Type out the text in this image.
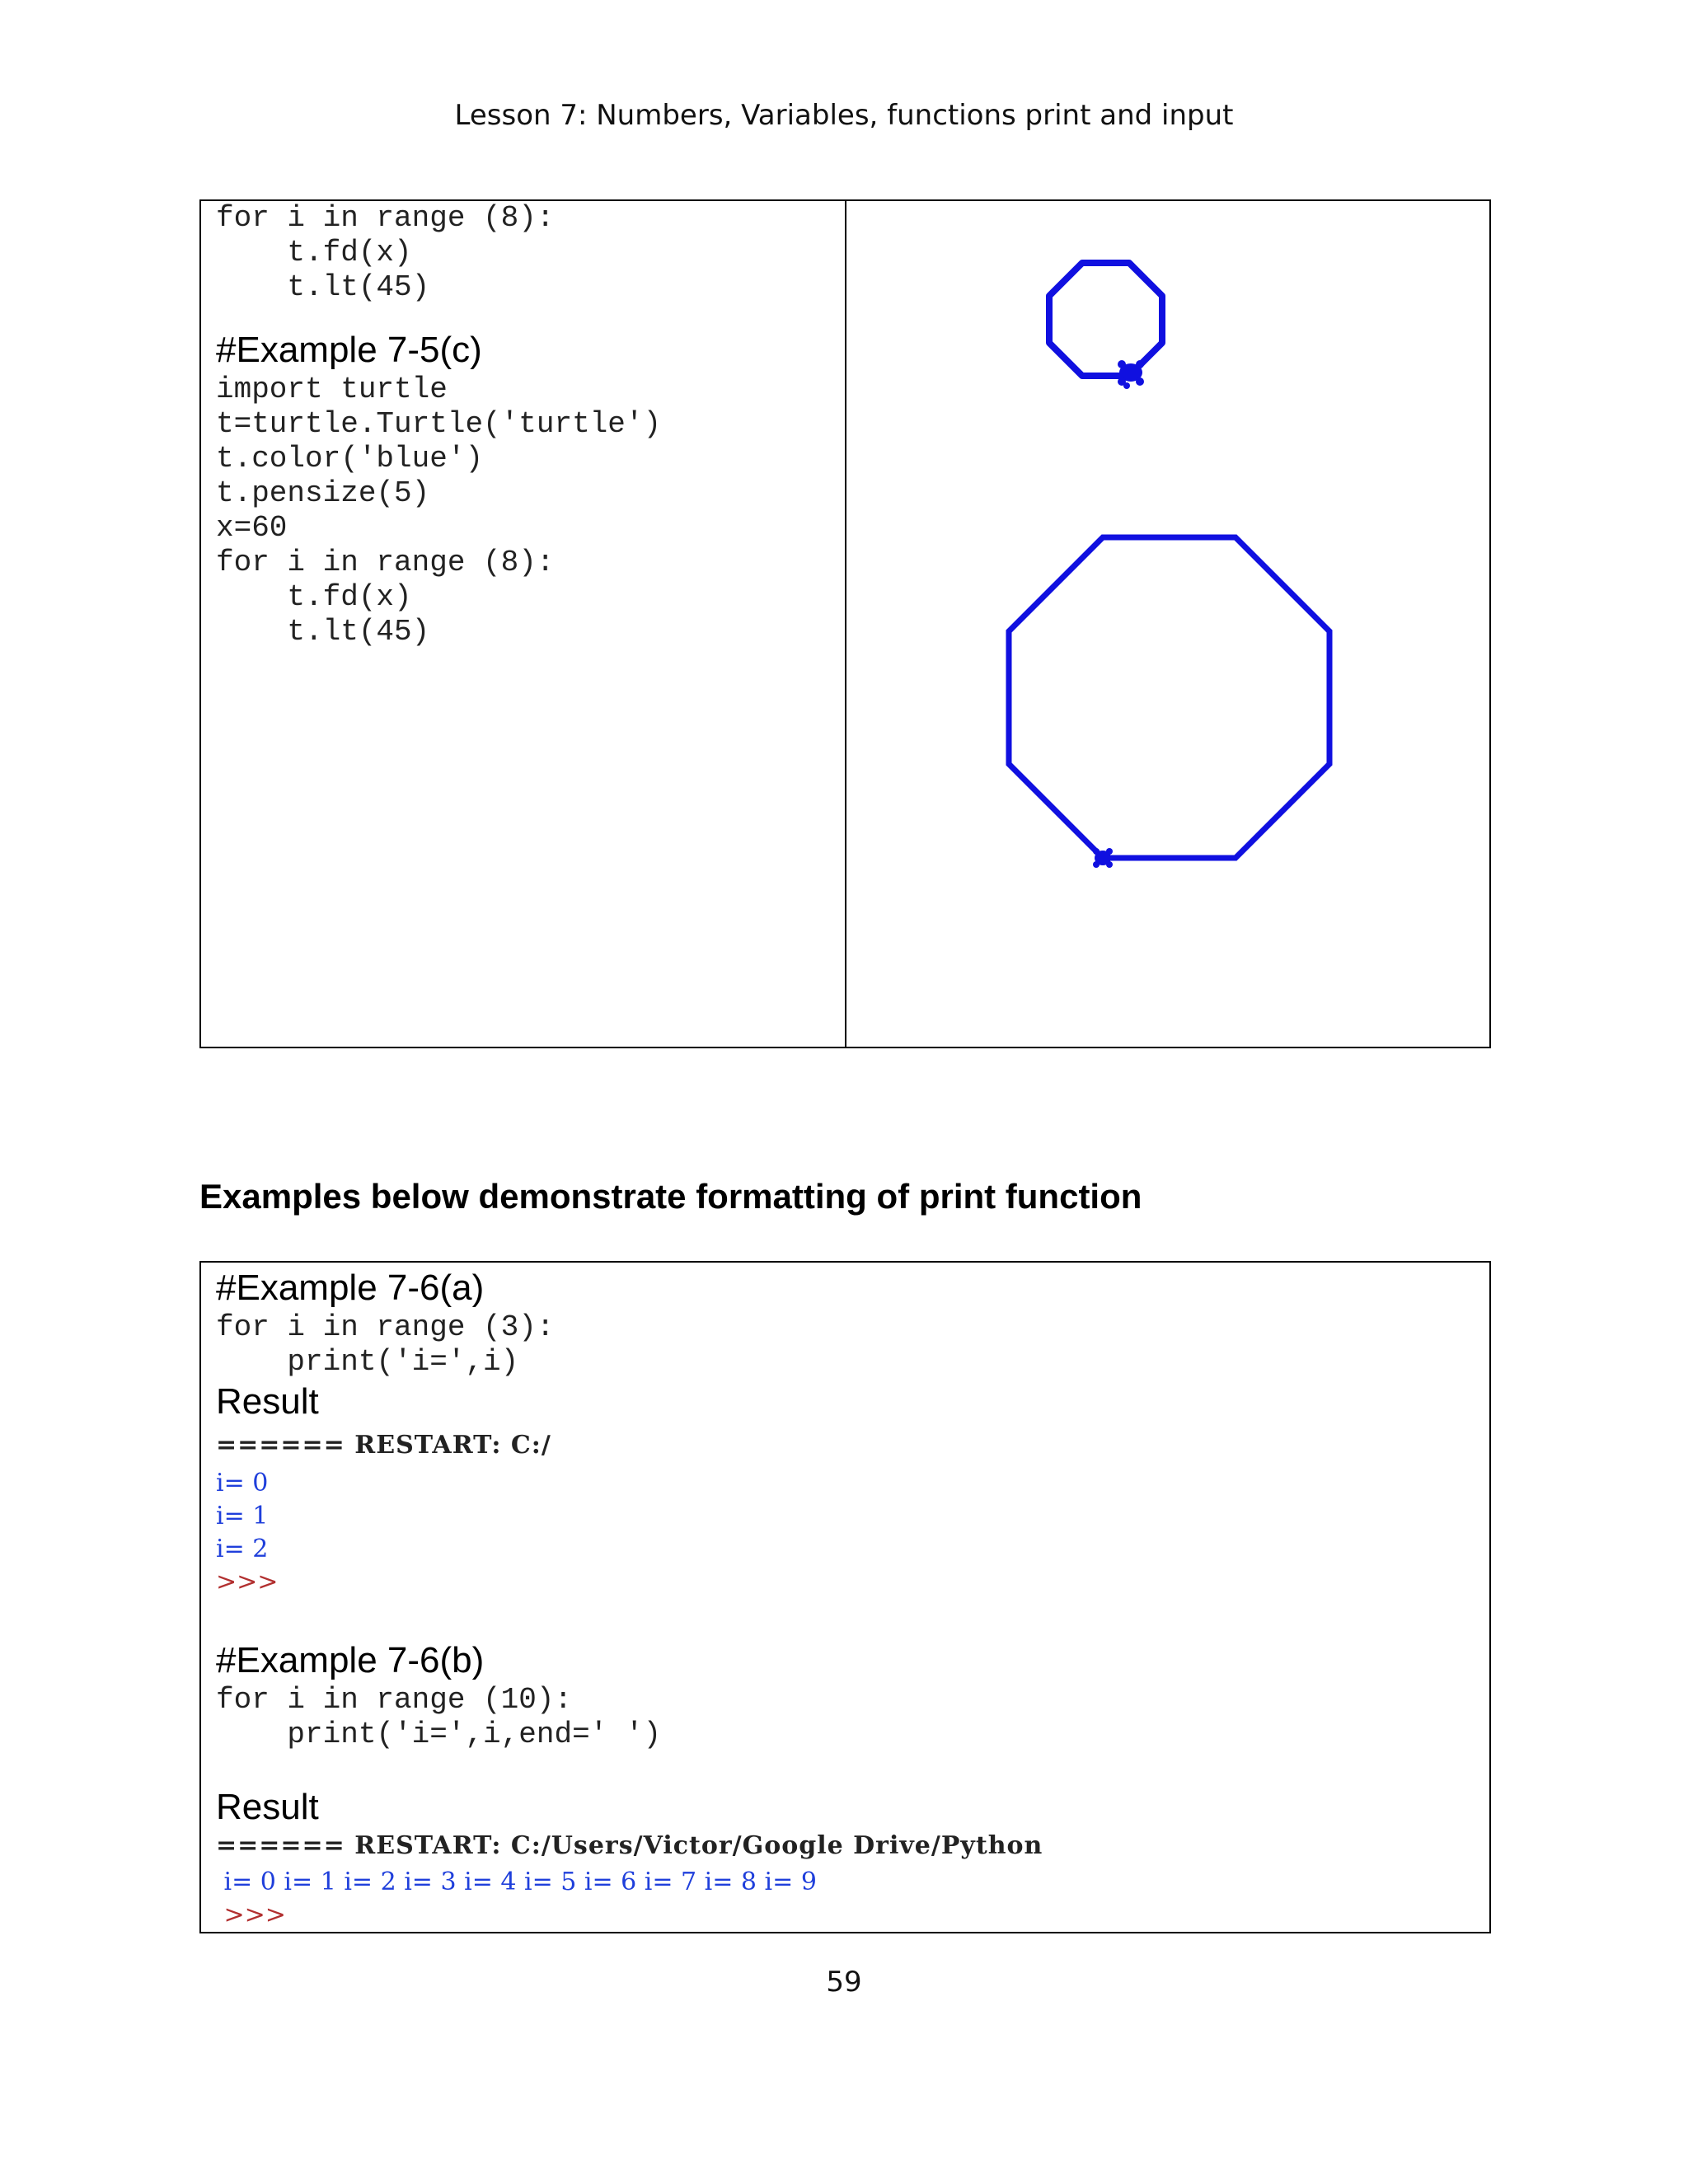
Lesson 7: Numbers, Variables, functions print and input
for i in range (8):
t.fd(x)
t.lt(45)

#Example 7-5(c)

import turtle
t=turtle.Turtle('turtle')
t.color('blue')
t.pensize(5)
x=60
for i in range (8):
t.fd(x)
t.lt(45)
Examples below demonstrate formatting of print function

#Example 7-6(a)

for i in range (3):
print('i=',i)

Result

====== RESTART: C:/
i= 0
i= 1
i= 2
>>>

#Example 7-6(b)

for i in range (10):
print('i=',i,end=' ')

Result

====== RESTART: C:/Users/Victor/Google Drive/Python
i= 0 i= 1 i= 2 i= 3 i= 4 i= 5 i= 6 i= 7 i= 8 i= 9
>>>
59
